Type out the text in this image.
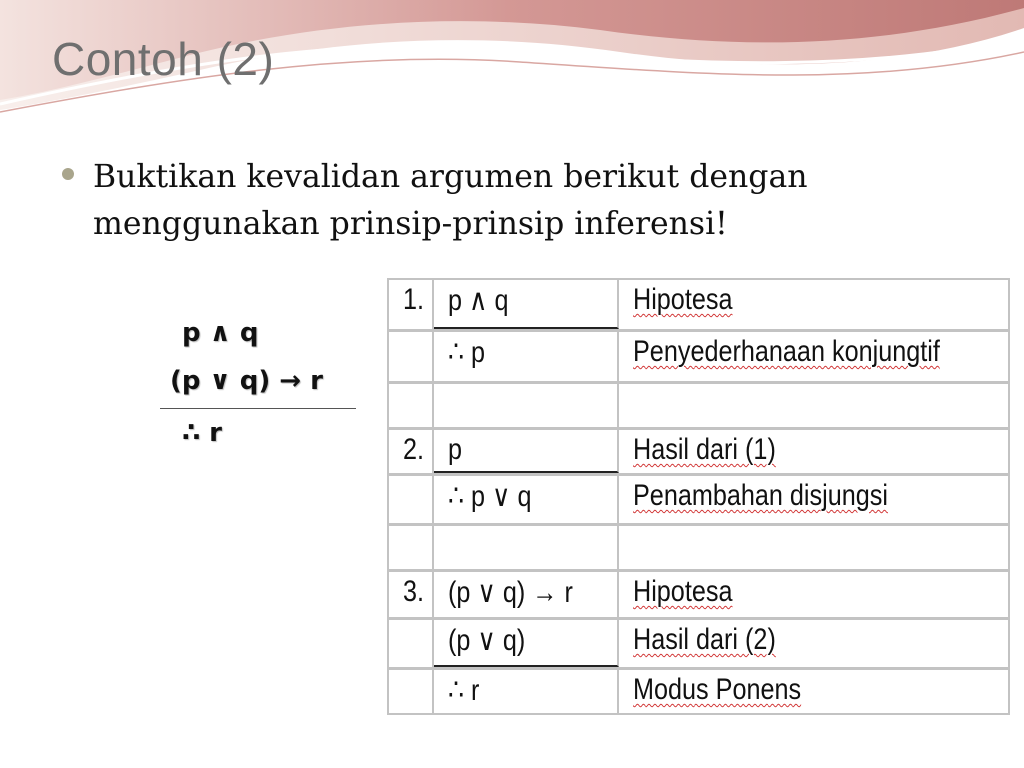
Contoh (2)
Buktikan kevalidan argumen berikut dengan menggunakan prinsip-prinsip inferensi!
p ∧ q
(p ∨ q) → r
∴ r
1. p ∧ q	Hipotesa
∴ p	Penyederhanaan konjungtif
2. p	Hasil dari (1)
∴ p ∨ q	Penambahan disjungsi
3. (p ∨ q) → r	Hipotesa
(p ∨ q)	Hasil dari (2)
∴ r	Modus Ponens
